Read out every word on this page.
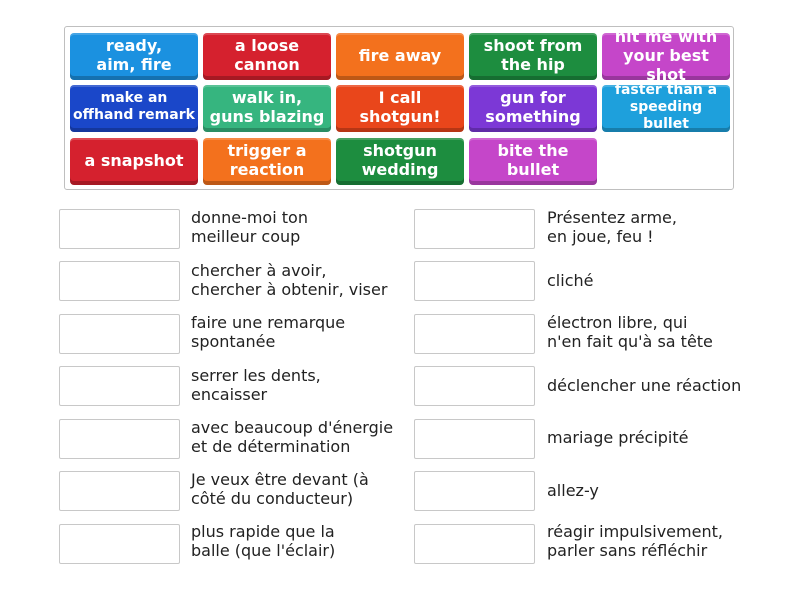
ready,
aim, fire
a loose
cannon	fire away	shoot from
the hip
hit me with
your best shot
make an
offhand remark
walk in,
guns blazing
I call
shotgun!
gun for
something
faster than a
speeding bullet
a snapshot	trigger a
reaction
shotgun
wedding
bite the
bullet
donne-moi ton
meilleur coup
chercher à avoir,
chercher à obtenir, viser
faire une remarque
spontanée
serrer les dents,
encaisser
avec beaucoup d'énergie
et de détermination
Je veux être devant (à
côté du conducteur)
plus rapide que la
balle (que l'éclair)
Présentez arme,
en joue, feu !
cliché
électron libre, qui
n'en fait qu'à sa tête
déclencher une réaction
mariage précipité
allez-y
réagir impulsivement,
parler sans réfléchir
